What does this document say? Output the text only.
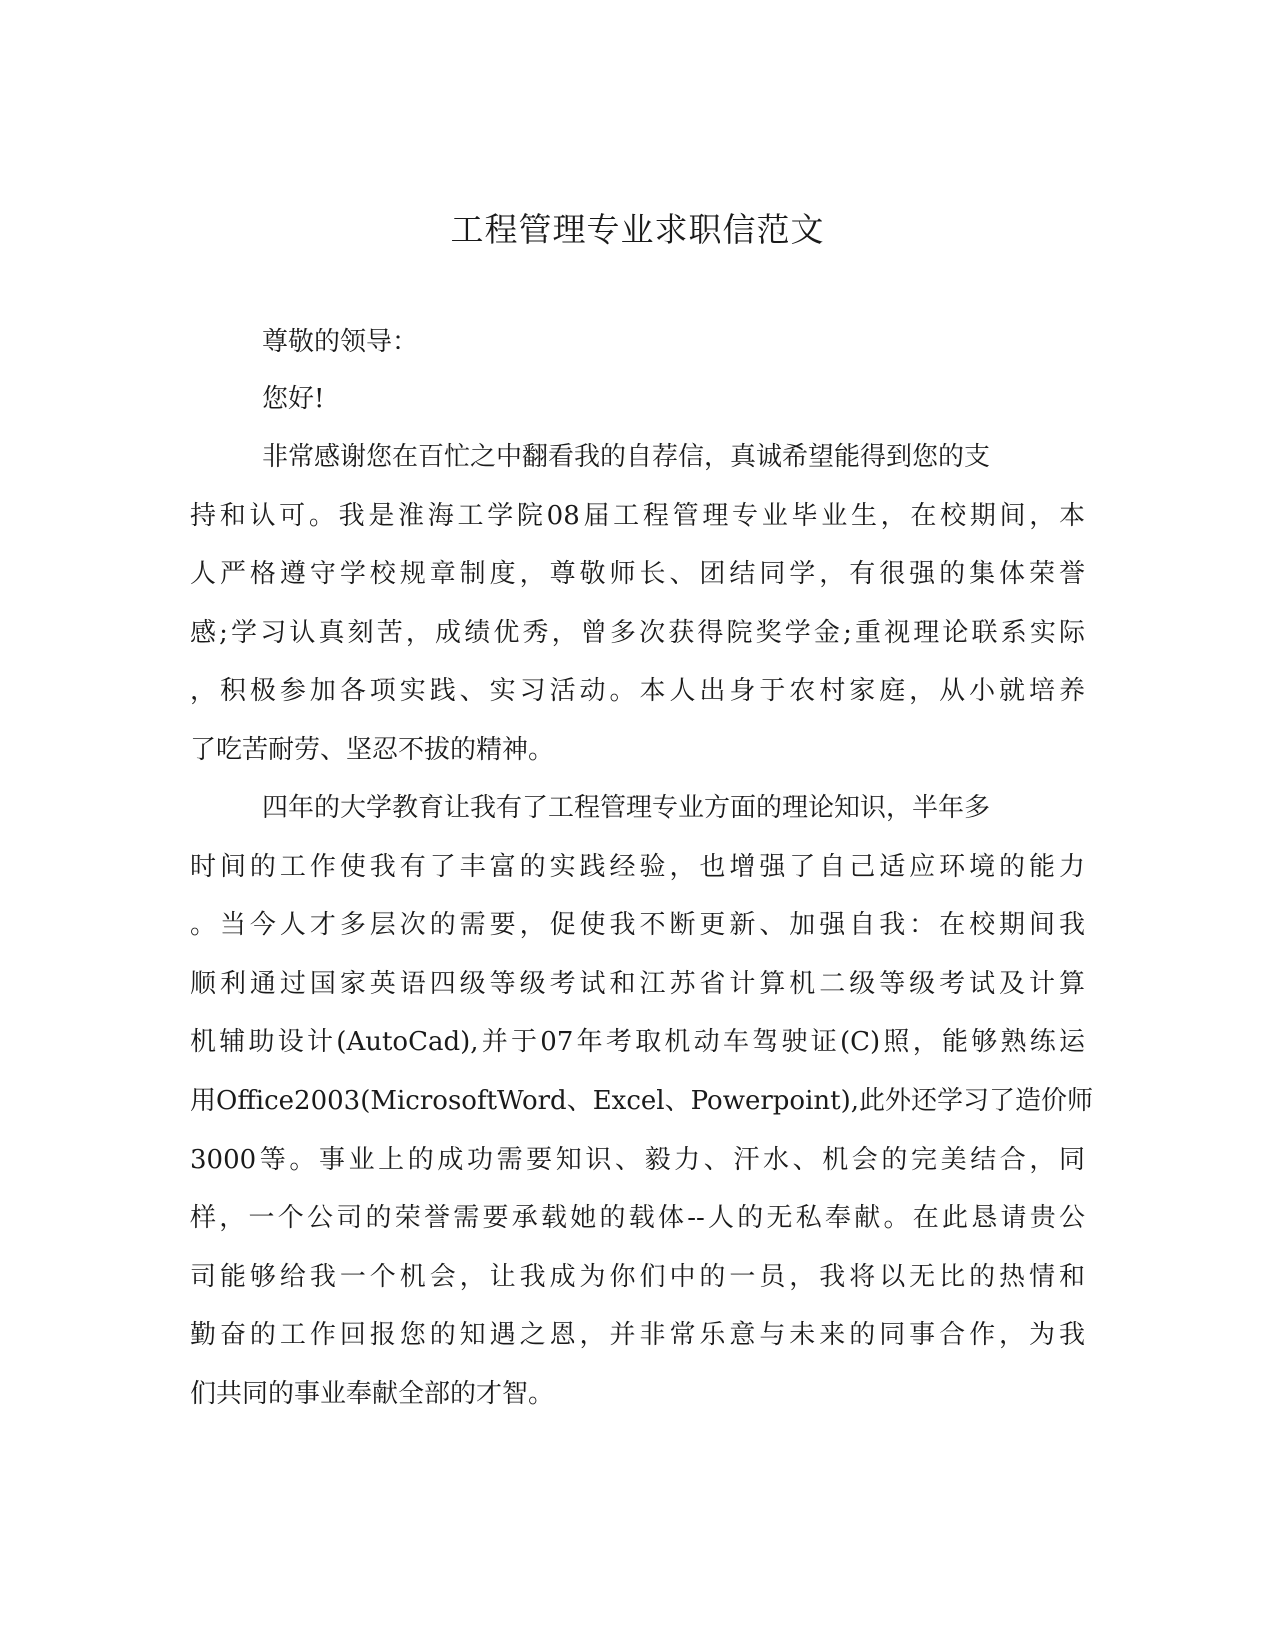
工程管理专业求职信范文
尊敬的领导：
您好!
非常感谢您在百忙之中翻看我的自荐信，真诚希望能得到您的支
持和认可。我是淮海工学院08届工程管理专业毕业生，在校期间，本
人严格遵守学校规章制度，尊敬师长、团结同学，有很强的集体荣誉
感;学习认真刻苦，成绩优秀，曾多次获得院奖学金;重视理论联系实际
，积极参加各项实践、实习活动。本人出身于农村家庭，从小就培养
了吃苦耐劳、坚忍不拔的精神。
四年的大学教育让我有了工程管理专业方面的理论知识，半年多
时间的工作使我有了丰富的实践经验，也增强了自己适应环境的能力
。当今人才多层次的需要，促使我不断更新、加强自我：在校期间我
顺利通过国家英语四级等级考试和江苏省计算机二级等级考试及计算
机辅助设计(AutoCad),并于07年考取机动车驾驶证(C)照，能够熟练运
用Office2003(MicrosoftWord、Excel、Powerpoint),此外还学习了造价师
3000等。事业上的成功需要知识、毅力、汗水、机会的完美结合，同
样，一个公司的荣誉需要承载她的载体--人的无私奉献。在此恳请贵公
司能够给我一个机会，让我成为你们中的一员，我将以无比的热情和
勤奋的工作回报您的知遇之恩，并非常乐意与未来的同事合作，为我
们共同的事业奉献全部的才智。
